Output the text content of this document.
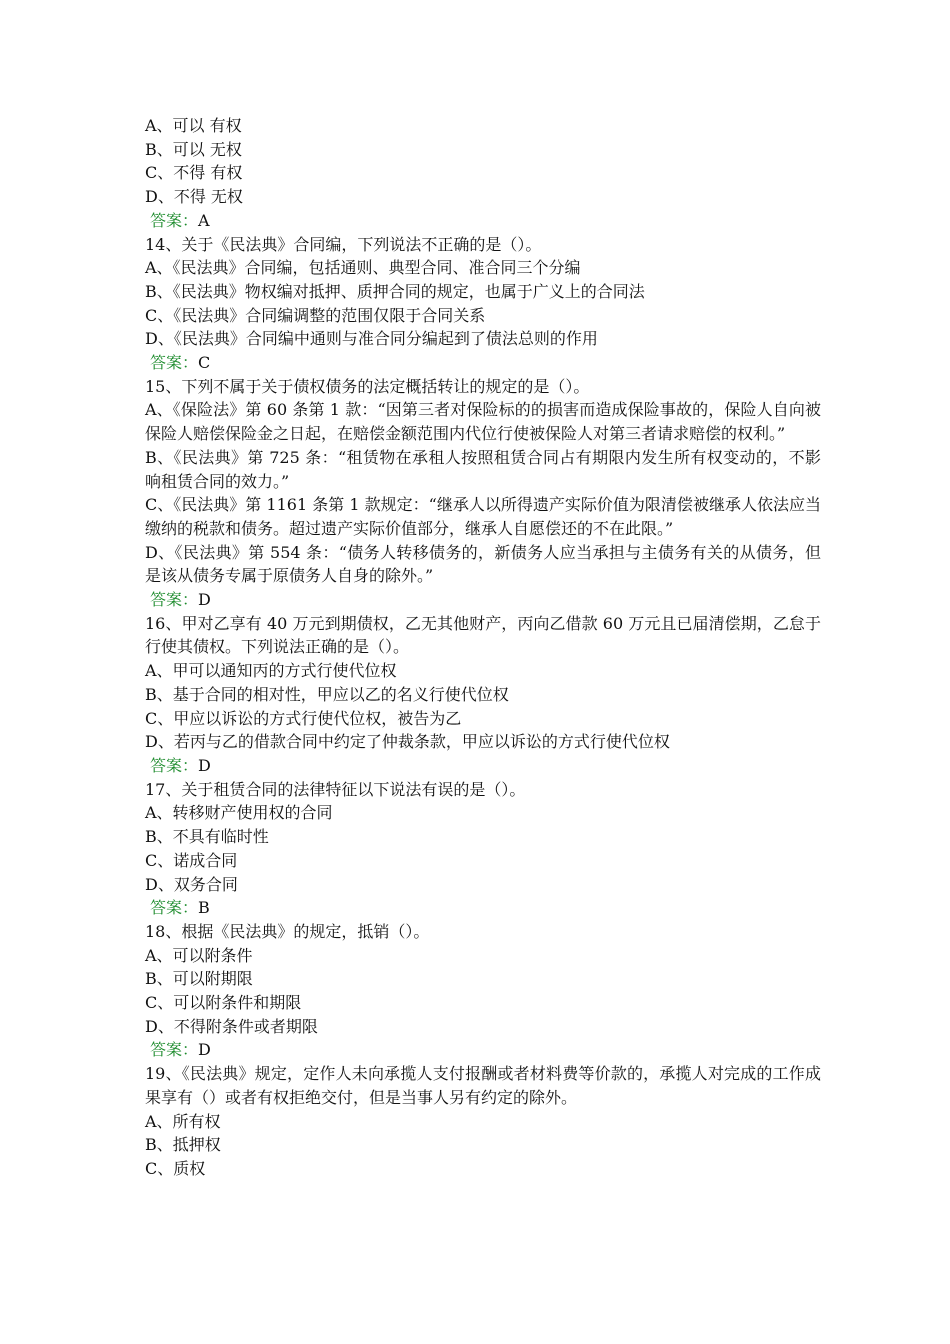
A、可以 有权
B、可以 无权
C、不得 有权
D、不得 无权
答案：A
14、关于《民法典》合同编，下列说法不正确的是（）。
A、《民法典》合同编，包括通则、典型合同、准合同三个分编
B、《民法典》物权编对抵押、质押合同的规定，也属于广义上的合同法
C、《民法典》合同编调整的范围仅限于合同关系
D、《民法典》合同编中通则与准合同分编起到了债法总则的作用
答案：C
15、下列不属于关于债权债务的法定概括转让的规定的是（）。
A、《保险法》第 60 条第 1 款：“因第三者对保险标的的损害而造成保险事故的，保险人自向被保险人赔偿保险金之日起，在赔偿金额范围内代位行使被保险人对第三者请求赔偿的权利。”
B、《民法典》第 725 条：“租赁物在承租人按照租赁合同占有期限内发生所有权变动的，不影响租赁合同的效力。”
C、《民法典》第 1161 条第 1 款规定：“继承人以所得遗产实际价值为限清偿被继承人依法应当缴纳的税款和债务。超过遗产实际价值部分，继承人自愿偿还的不在此限。”
D、《民法典》第 554 条：“债务人转移债务的，新债务人应当承担与主债务有关的从债务，但是该从债务专属于原债务人自身的除外。”
答案：D
16、甲对乙享有 40 万元到期债权，乙无其他财产，丙向乙借款 60 万元且已届清偿期，乙怠于行使其债权。下列说法正确的是（）。
A、甲可以通知丙的方式行使代位权
B、基于合同的相对性，甲应以乙的名义行使代位权
C、甲应以诉讼的方式行使代位权，被告为乙
D、若丙与乙的借款合同中约定了仲裁条款，甲应以诉讼的方式行使代位权
答案：D
17、关于租赁合同的法律特征以下说法有误的是（）。
A、转移财产使用权的合同
B、不具有临时性
C、诺成合同
D、双务合同
答案：B
18、根据《民法典》的规定，抵销（）。
A、可以附条件
B、可以附期限
C、可以附条件和期限
D、不得附条件或者期限
答案：D
19、《民法典》规定，定作人未向承揽人支付报酬或者材料费等价款的，承揽人对完成的工作成果享有（）或者有权拒绝交付，但是当事人另有约定的除外。
A、所有权
B、抵押权
C、质权
